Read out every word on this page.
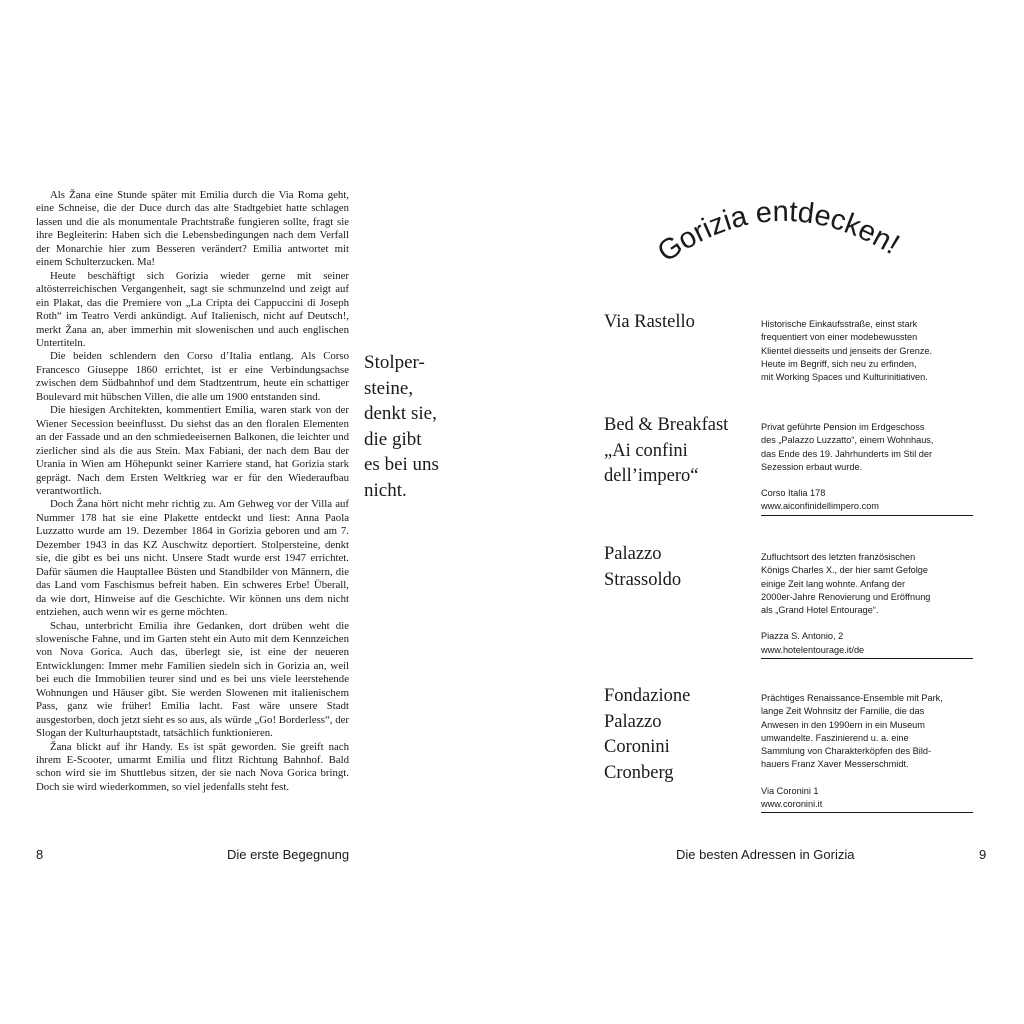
Als Žana eine Stunde später mit Emilia durch die Via Roma geht, eine Schneise, die der Duce durch das alte Stadtgebiet hatte schlagen lassen und die als monumentale Prachtstraße fungieren sollte, fragt sie ihre Begleiterin: Haben sich die Lebensbedingungen nach dem Verfall der Monarchie hier zum Besseren verändert? Emilia antwortet mit einem Schulterzucken. Ma!

Heute beschäftigt sich Gorizia wieder gerne mit seiner altösterreichischen Vergangenheit, sagt sie schmunzelnd und zeigt auf ein Plakat, das die Premiere von „La Cripta dei Cappuccini di Joseph Roth“ im Teatro Verdi ankündigt. Auf Italienisch, nicht auf Deutsch!, merkt Žana an, aber immerhin mit slowenischen und auch englischen Untertiteln.

Die beiden schlendern den Corso d’Italia entlang. Als Corso Francesco Giuseppe 1860 errichtet, ist er eine Verbindungsachse zwischen dem Südbahnhof und dem Stadtzentrum, heute ein schattiger Boulevard mit hübschen Villen, die alle um 1900 entstanden sind.

Die hiesigen Architekten, kommentiert Emilia, waren stark von der Wiener Secession beeinflusst. Du siehst das an den floralen Elementen an der Fassade und an den schmiedeeisernen Balkonen, die leichter und zierlicher sind als die aus Stein. Max Fabiani, der nach dem Bau der Urania in Wien am Höhepunkt seiner Karriere stand, hat Gorizia stark geprägt. Nach dem Ersten Weltkrieg war er für den Wiederaufbau verantwortlich.

Doch Žana hört nicht mehr richtig zu. Am Gehweg vor der Villa auf Nummer 178 hat sie eine Plakette entdeckt und liest: Anna Paola Luzzatto wurde am 19. Dezember 1864 in Gorizia geboren und am 7. Dezember 1943 in das KZ Auschwitz deportiert. Stolpersteine, denkt sie, die gibt es bei uns nicht. Unsere Stadt wurde erst 1947 errichtet. Dafür säumen die Hauptallee Büsten und Standbilder von Männern, die das Land vom Faschismus befreit haben. Ein schweres Erbe! Überall, da wie dort, Hinweise auf die Geschichte. Wir können uns dem nicht entziehen, auch wenn wir es gerne möchten.

Schau, unterbricht Emilia ihre Gedanken, dort drüben weht die slowenische Fahne, und im Garten steht ein Auto mit dem Kennzeichen von Nova Gorica. Auch das, überlegt sie, ist eine der neueren Entwicklungen: Immer mehr Familien siedeln sich in Gorizia an, weil bei euch die Immobilien teurer sind und es bei uns viele leerstehende Wohnungen und Häuser gibt. Sie werden Slowenen mit italienischem Pass, ganz wie früher! Emilia lacht. Fast wäre unsere Stadt ausgestorben, doch jetzt sieht es so aus, als würde „Go! Borderless“, der Slogan der Kulturhauptstadt, tatsächlich funktionieren.

Žana blickt auf ihr Handy. Es ist spät geworden. Sie greift nach ihrem E-Scooter, umarmt Emilia und flitzt Richtung Bahnhof. Bald schon wird sie im Shuttlebus sitzen, der sie nach Nova Gorica bringt. Doch sie wird wiederkommen, so viel jedenfalls steht fest.

Stolper-
steine,
denkt sie,
die gibt
es bei uns
nicht.
8	Die erste Begegnung
Gorizia entdecken!
Via Rastello	Historische Einkaufsstraße, einst stark
frequentiert von einer modebewussten
Klientel diesseits und jenseits der Grenze.
Heute im Begriff, sich neu zu erfinden,
mit Working Spaces und Kulturinitiativen.
Bed & Breakfast
„Ai confini
dell’impero“
Privat geführte Pension im Erdgeschoss
des „Palazzo Luzzatto“, einem Wohnhaus,
das Ende des 19. Jahrhunderts im Stil der
Sezession erbaut wurde.
Corso Italia 178
www.aiconfinidellimpero.com
Palazzo
Strassoldo
Zufluchtsort des letzten französischen
Königs Charles X., der hier samt Gefolge
einige Zeit lang wohnte. Anfang der
2000er-Jahre Renovierung und Eröffnung
als „Grand Hotel Entourage“.
Piazza S. Antonio, 2
www.hotelentourage.it/de
Fondazione
Palazzo
Coronini
Cronberg
Prächtiges Renaissance-Ensemble mit Park,
lange Zeit Wohnsitz der Familie, die das
Anwesen in den 1990ern in ein Museum
umwandelte. Faszinierend u. a. eine
Sammlung von Charakterköpfen des Bild-
hauers Franz Xaver Messerschmidt.
Via Coronini 1
www.coronini.it
Die besten Adressen in Gorizia	9
